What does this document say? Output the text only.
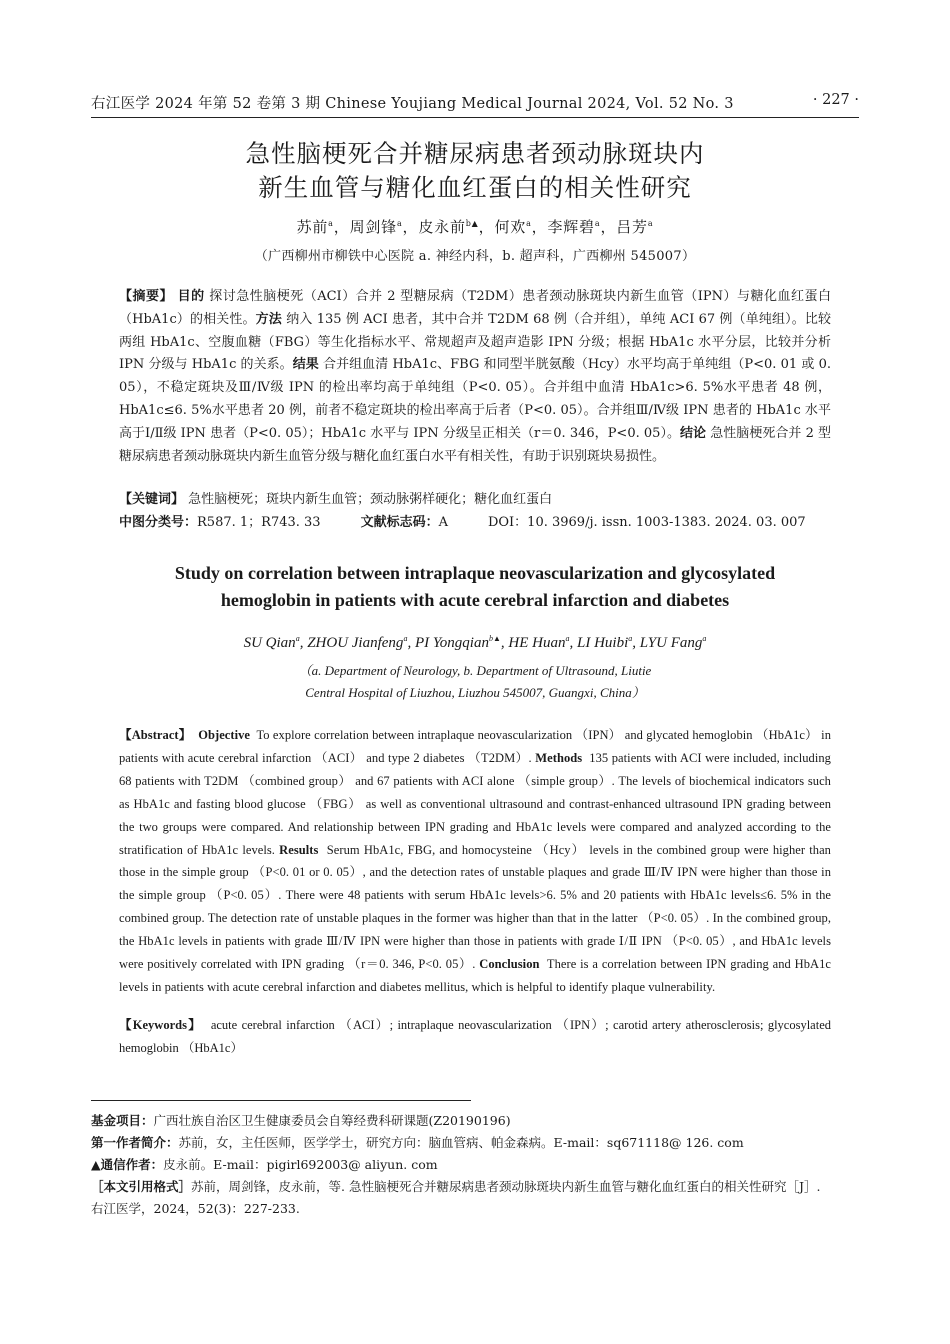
右江医学 2024 年第 52 卷第 3 期 Chinese Youjiang Medical Journal 2024, Vol. 52 No. 3	· 227 ·
急性脑梗死合并糖尿病患者颈动脉斑块内
新生血管与糖化血红蛋白的相关性研究
苏前$^a$，周剑锋$^a$，皮永前$^{b▲}$，何欢$^a$，李辉碧$^a$，吕芳$^a$
（广西柳州市柳铁中心医院 a. 神经内科，b. 超声科，广西柳州 545007）
【摘要】 目的 探讨急性脑梗死（ACI）合并 2 型糖尿病（T2DM）患者颈动脉斑块内新生血管（IPN）与糖化血红蛋白（HbA1c）的相关性。方法 纳入 135 例 ACI 患者，其中合并 T2DM 68 例（合并组），单纯 ACI 67 例（单纯组）。比较两组 HbA1c、空腹血糖（FBG）等生化指标水平、常规超声及超声造影 IPN 分级；根据 HbA1c 水平分层，比较并分析 IPN 分级与 HbA1c 的关系。结果 合并组血清 HbA1c、FBG 和同型半胱氨酸（Hcy）水平均高于单纯组（P<0. 01 或 0. 05），不稳定斑块及Ⅲ/Ⅳ级 IPN 的检出率均高于单纯组（P<0. 05）。合并组中血清 HbA1c>6. 5%水平患者 48 例，HbA1c≤6. 5%水平患者 20 例，前者不稳定斑块的检出率高于后者（P<0. 05）。合并组Ⅲ/Ⅳ级 IPN 患者的 HbA1c 水平高于Ⅰ/Ⅱ级 IPN 患者（P<0. 05）；HbA1c 水平与 IPN 分级呈正相关（r＝0. 346，P<0. 05）。结论 急性脑梗死合并 2 型糖尿病患者颈动脉斑块内新生血管分级与糖化血红蛋白水平有相关性，有助于识别斑块易损性。
【关键词】 急性脑梗死；斑块内新生血管；颈动脉粥样硬化；糖化血红蛋白
中图分类号：R587. 1；R743. 33	文献标志码：A	DOI：10. 3969/j. issn. 1003-1383. 2024. 03. 007
Study on correlation between intraplaque neovascularization and glycosylated
hemoglobin in patients with acute cerebral infarction and diabetes
SU Qian$^a$, ZHOU Jianfeng$^a$, PI Yongqian$^{b▲}$, HE Huan$^a$, LI Huibi$^a$, LYU Fang$^a$
（a. Department of Neurology, b. Department of Ultrasound, Liutie
Central Hospital of Liuzhou, Liuzhou 545007, Guangxi, China）
【Abstract】 Objective To explore correlation between intraplaque neovascularization （IPN） and glycated hemoglobin （HbA1c） in patients with acute cerebral infarction （ACI） and type 2 diabetes （T2DM）. Methods 135 patients with ACI were included, including 68 patients with T2DM （combined group） and 67 patients with ACI alone （simple group）. The levels of biochemical indicators such as HbA1c and fasting blood glucose （FBG） as well as conventional ultrasound and contrast-enhanced ultrasound IPN grading between the two groups were compared. And relationship between IPN grading and HbA1c levels were compared and analyzed according to the stratification of HbA1c levels. Results Serum HbA1c, FBG, and homocysteine （Hcy） levels in the combined group were higher than those in the simple group （P<0. 01 or 0. 05）, and the detection rates of unstable plaques and grade Ⅲ/Ⅳ IPN were higher than those in the simple group （P<0. 05）. There were 48 patients with serum HbA1c levels>6. 5% and 20 patients with HbA1c levels≤6. 5% in the combined group. The detection rate of unstable plaques in the former was higher than that in the latter （P<0. 05）. In the combined group, the HbA1c levels in patients with grade Ⅲ/Ⅳ IPN were higher than those in patients with grade Ⅰ/Ⅱ IPN （P<0. 05）, and HbA1c levels were positively correlated with IPN grading （r＝0. 346, P<0. 05）. Conclusion There is a correlation between IPN grading and HbA1c levels in patients with acute cerebral infarction and diabetes mellitus, which is helpful to identify plaque vulnerability.
【Keywords】 acute cerebral infarction （ACI）; intraplaque neovascularization （IPN）; carotid artery atherosclerosis; glycosylated hemoglobin （HbA1c）
基金项目：广西壮族自治区卫生健康委员会自筹经费科研课题(Z20190196)
第一作者简介：苏前，女，主任医师，医学学士，研究方向：脑血管病、帕金森病。E-mail：sq671118@ 126. com
▲通信作者：皮永前。E-mail：pigirl692003@ aliyun. com
［本文引用格式］苏前，周剑锋，皮永前，等. 急性脑梗死合并糖尿病患者颈动脉斑块内新生血管与糖化血红蛋白的相关性研究［J］. 右江医学，2024，52(3)：227-233.
